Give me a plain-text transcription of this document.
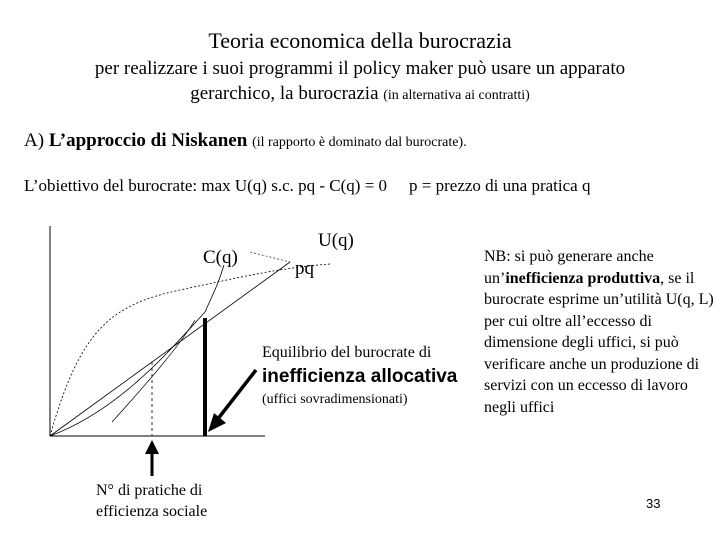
Teoria economica della burocrazia
per realizzare i suoi programmi il policy maker può usare un apparato
gerarchico, la burocrazia (in alternativa ai contratti)
A) L’approccio di Niskanen (il rapporto è dominato dal burocrate).
L’obiettivo del burocrate: max U(q) s.c. pq - C(q) = 0 p = prezzo di una pratica q
C(q)
U(q)
pq
Equilibrio del burocrate di
inefficienza allocativa
(uffici sovradimensionati)
N° di pratiche di efficienza sociale
NB: si può generare anche un’inefficienza produttiva, se il burocrate esprime un’utilità U(q, L) per cui oltre all’eccesso di dimensione degli uffici, si può verificare anche un produzione di servizi con un eccesso di lavoro negli uffici
33
